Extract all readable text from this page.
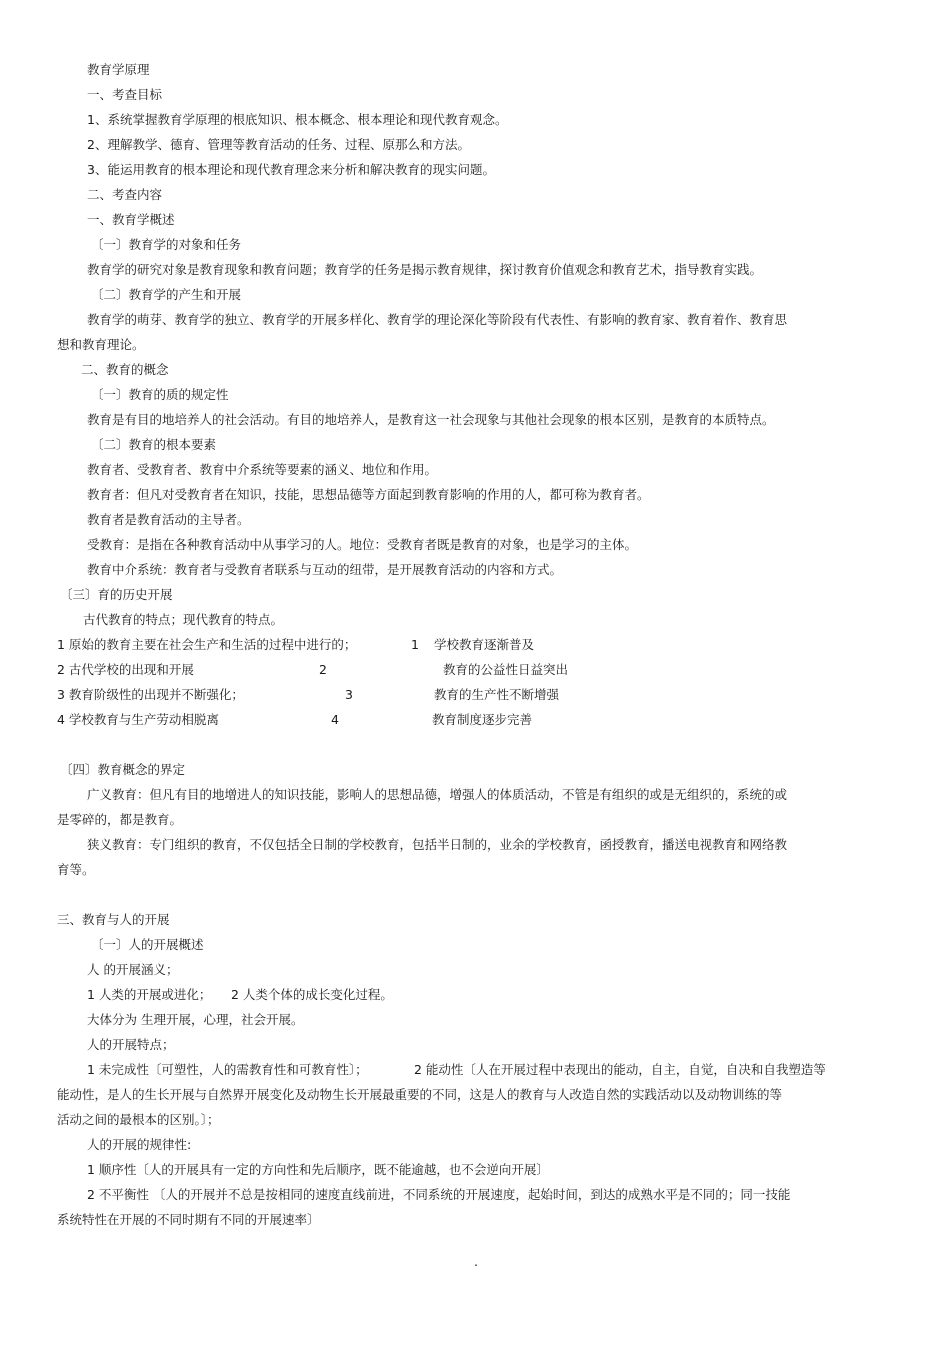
教育学原理
一、考查目标
1、系统掌握教育学原理的根底知识、根本概念、根本理论和现代教育观念。
2、理解教学、德育、管理等教育活动的任务、过程、原那么和方法。
3、能运用教育的根本理论和现代教育理念来分析和解决教育的现实问题。
二、考查内容
一、教育学概述
〔一〕教育学的对象和任务
教育学的研究对象是教育现象和教育问题；教育学的任务是揭示教育规律，探讨教育价值观念和教育艺术，指导教育实践。
〔二〕教育学的产生和开展
教育学的萌芽、教育学的独立、教育学的开展多样化、教育学的理论深化等阶段有代表性、有影响的教育家、教育着作、教育思
想和教育理论。
二、教育的概念
〔一〕教育的质的规定性
教育是有目的地培养人的社会活动。有目的地培养人，是教育这一社会现象与其他社会现象的根本区别，是教育的本质特点。
〔二〕教育的根本要素
教育者、受教育者、教育中介系统等要素的涵义、地位和作用。
教育者：但凡对受教育者在知识，技能，思想品德等方面起到教育影响的作用的人，都可称为教育者。
教育者是教育活动的主导者。
受教育：是指在各种教育活动中从事学习的人。地位：受教育者既是教育的对象，也是学习的主体。
教育中介系统：教育者与受教育者联系与互动的纽带，是开展教育活动的内容和方式。
〔三〕育的历史开展
古代教育的特点；现代教育的特点。
1 原始的教育主要在社会生产和生活的过程中进行的；	1 学校教育逐渐普及
2 古代学校的出现和开展	2	教育的公益性日益突出
3 教育阶级性的出现并不断强化；	3	教育的生产性不断增强
4 学校教育与生产劳动相脱离	4	教育制度逐步完善
〔四〕教育概念的界定
广义教育：但凡有目的地增进人的知识技能，影响人的思想品德，增强人的体质活动，不管是有组织的或是无组织的，系统的或
是零碎的，都是教育。
狭义教育：专门组织的教育，不仅包括全日制的学校教育，包括半日制的，业余的学校教育，函授教育，播送电视教育和网络教
育等。
三、教育与人的开展
〔一〕人的开展概述
人 的开展涵义；
1 人类的开展或进化； 2 人类个体的成长变化过程。
大体分为 生理开展，心理，社会开展。
人的开展特点；
1 未完成性〔可塑性，人的需教育性和可教育性〕；	2 能动性〔人在开展过程中表现出的能动，自主，自觉，自决和自我塑造等
能动性，是人的生长开展与自然界开展变化及动物生长开展最重要的不同，这是人的教育与人改造自然的实践活动以及动物训练的等
活动之间的最根本的区别。〕；
人的开展的规律性:
1 顺序性〔人的开展具有一定的方向性和先后顺序，既不能逾越，也不会逆向开展〕
2 不平衡性 〔人的开展并不总是按相同的速度直线前进，不同系统的开展速度，起始时间，到达的成熟水平是不同的；同一技能
系统特性在开展的不同时期有不同的开展速率〕
.
